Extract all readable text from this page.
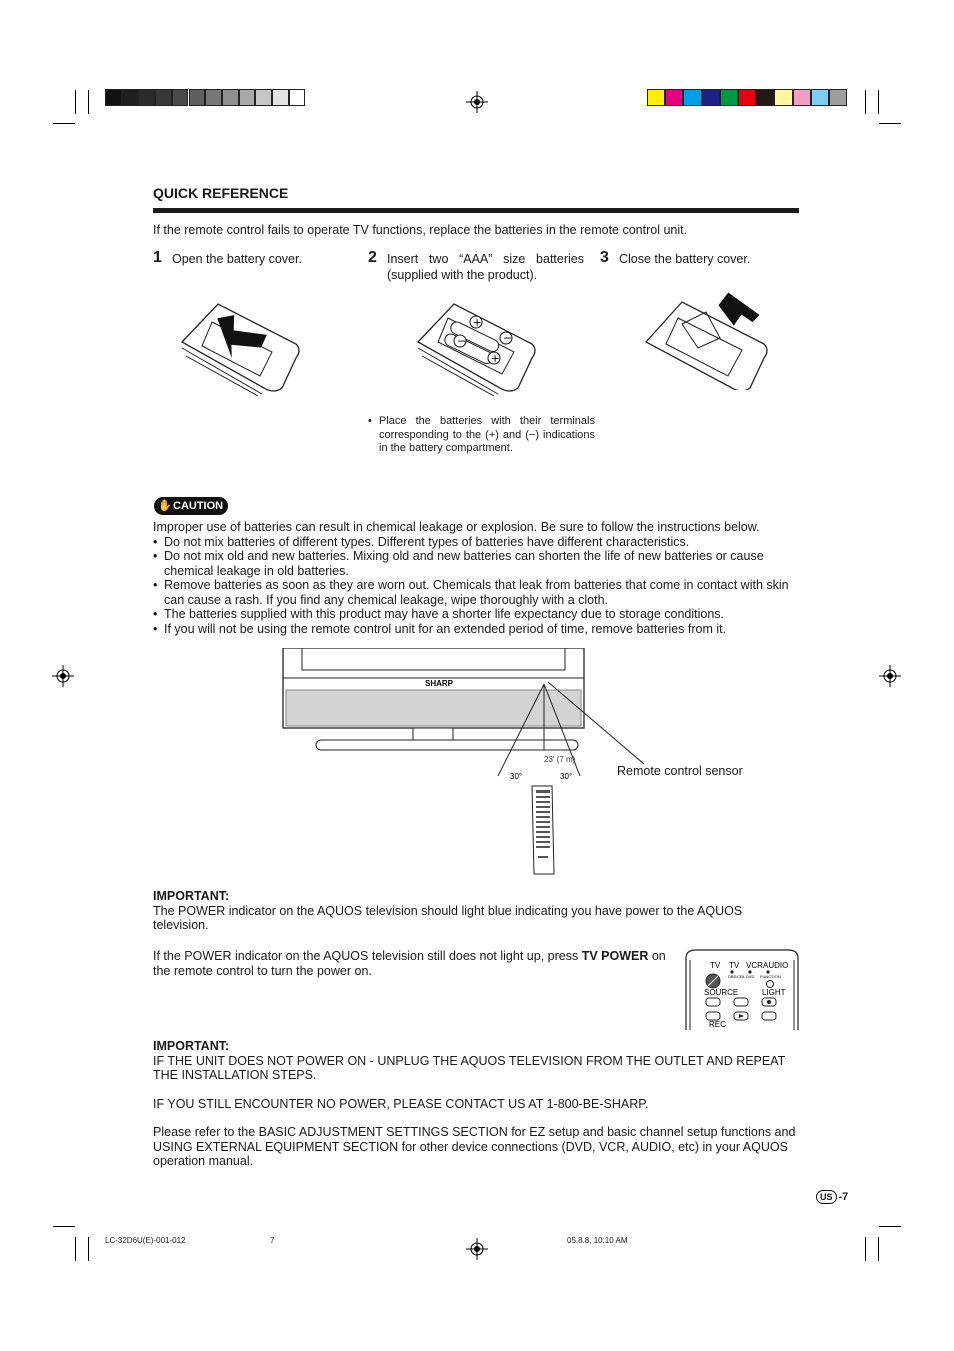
QUICK REFERENCE
If the remote control fails to operate TV functions, replace the batteries in the remote control unit.
1 Open the battery cover.	2 Insert two “AAA” size batteries (supplied with the product).
3 Close the battery cover.
+
−
−
+
• Place the batteries with their terminals corresponding to the (+) and (−) indications in the battery compartment.
✋ CAUTION
Improper use of batteries can result in chemical leakage or explosion. Be sure to follow the instructions below.
• Do not mix batteries of different types. Different types of batteries have different characteristics.
• Do not mix old and new batteries. Mixing old and new batteries can shorten the life of new batteries or cause chemical leakage in old batteries.
• Remove batteries as soon as they are worn out. Chemicals that leak from batteries that come in contact with skin can cause a rash. If you find any chemical leakage, wipe thoroughly with a cloth.
• The batteries supplied with this product may have a shorter life expectancy due to storage conditions.
• If you will not be using the remote control unit for an extended period of time, remove batteries from it.
SHARP
23' (7 m)
30°	30°	Remote control sensor
IMPORTANT:
The POWER indicator on the AQUOS television should light blue indicating you have power to the AQUOS television.
If the POWER indicator on the AQUOS television still does not light up, press TV POWER on the remote control to turn the power on.	TV TV VCR AUDIO
DBS/CBL DVD FUNCTION
SOURCE	LIGHT
REC
IMPORTANT:
IF THE UNIT DOES NOT POWER ON - UNPLUG THE AQUOS TELEVISION FROM THE OUTLET AND REPEAT THE INSTALLATION STEPS.
IF YOU STILL ENCOUNTER NO POWER, PLEASE CONTACT US AT 1-800-BE-SHARP.
Please refer to the BASIC ADJUSTMENT SETTINGS SECTION for EZ setup and basic channel setup functions and USING EXTERNAL EQUIPMENT SECTION for other device connections (DVD, VCR, AUDIO, etc) in your AQUOS operation manual.
US -7
LC-32D6U(E)-001-012	7	05.8.8, 10:10 AM
